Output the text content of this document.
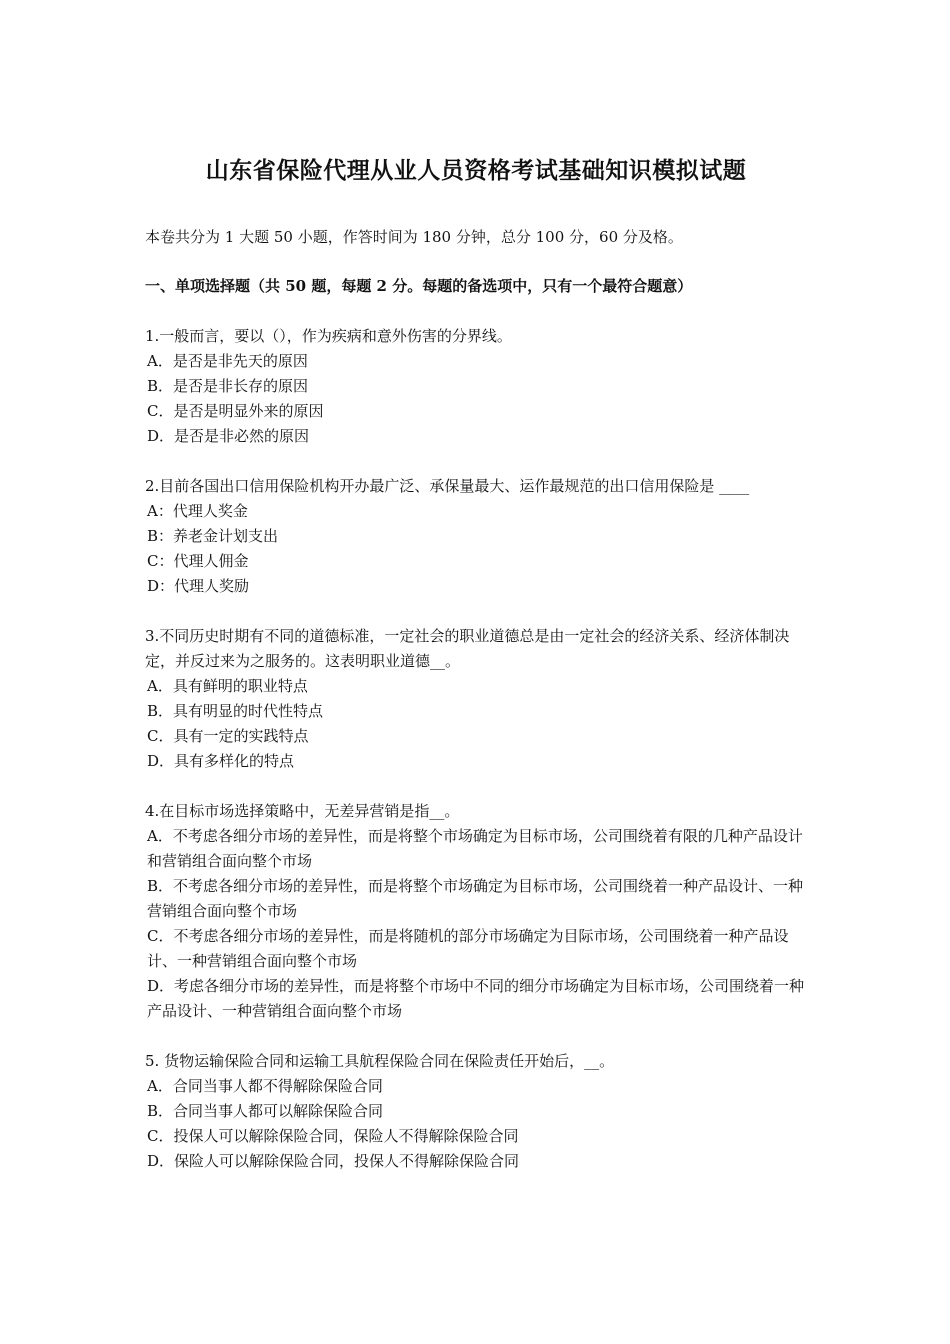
山东省保险代理从业人员资格考试基础知识模拟试题
本卷共分为 1 大题 50 小题，作答时间为 180 分钟，总分 100 分，60 分及格。
一、单项选择题（共 50 题，每题 2 分。每题的备选项中，只有一个最符合题意）

1.一般而言，要以（），作为疾病和意外伤害的分界线。

A．是否是非先天的原因

B．是否是非长存的原因

C．是否是明显外来的原因

D．是否是非必然的原因

2.目前各国出口信用保险机构开办最广泛、承保量最大、运作最规范的出口信用保险是 ____

A：代理人奖金

B：养老金计划支出

C：代理人佣金

D：代理人奖励

3.不同历史时期有不同的道德标准，一定社会的职业道德总是由一定社会的经济关系、经济体制决定，并反过来为之服务的。这表明职业道德__。

A．具有鲜明的职业特点

B．具有明显的时代性特点

C．具有一定的实践特点

D．具有多样化的特点

4.在目标市场选择策略中，无差异营销是指__。

A．不考虑各细分市场的差异性，而是将整个市场确定为目标市场，公司围绕着有限的几种产品设计和营销组合面向整个市场

B．不考虑各细分市场的差异性，而是将整个市场确定为目标市场，公司围绕着一种产品设计、一种营销组合面向整个市场

C．不考虑各细分市场的差异性，而是将随机的部分市场确定为目际市场，公司围绕着一种产品设计、一种营销组合面向整个市场

D．考虑各细分市场的差异性，而是将整个市场中不同的细分市场确定为目标市场，公司围绕着一种产品设计、一种营销组合面向整个市场

5. 货物运输保险合同和运输工具航程保险合同在保险责任开始后，__。

A．合同当事人都不得解除保险合同

B．合同当事人都可以解除保险合同

C．投保人可以解除保险合同，保险人不得解除保险合同

D．保险人可以解除保险合同，投保人不得解除保险合同
